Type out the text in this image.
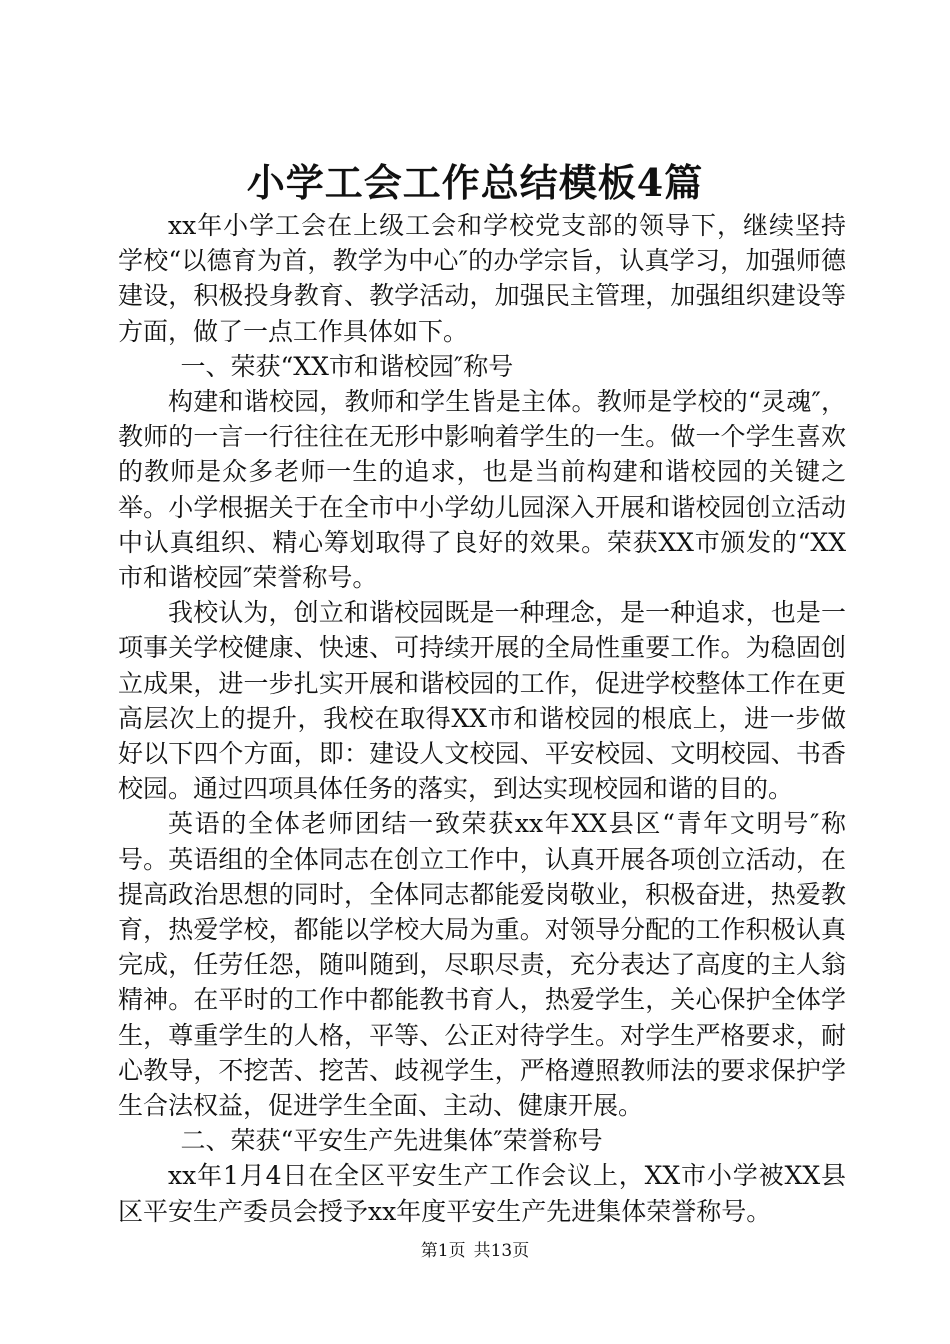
小学工会工作总结模板4篇

xx年小学工会在上级工会和学校党支部的领导下，继续坚持学校“以德育为首，教学为中心″的办学宗旨，认真学习，加强师德建设，积极投身教育、教学活动，加强民主管理，加强组织建设等方面，做了一点工作具体如下。

一、荣获“XX市和谐校园″称号

构建和谐校园，教师和学生皆是主体。教师是学校的“灵魂″，教师的一言一行往往在无形中影响着学生的一生。做一个学生喜欢的教师是众多老师一生的追求，也是当前构建和谐校园的关键之举。小学根据关于在全市中小学幼儿园深入开展和谐校园创立活动中认真组织、精心筹划取得了良好的效果。荣获XX市颁发的“XX市和谐校园″荣誉称号。

我校认为，创立和谐校园既是一种理念，是一种追求，也是一项事关学校健康、快速、可持续开展的全局性重要工作。为稳固创立成果，进一步扎实开展和谐校园的工作，促进学校整体工作在更高层次上的提升，我校在取得XX市和谐校园的根底上，进一步做好以下四个方面，即：建设人文校园、平安校园、文明校园、书香校园。通过四项具体任务的落实，到达实现校园和谐的目的。

英语的全体老师团结一致荣获xx年XX县区“青年文明号″称号。英语组的全体同志在创立工作中，认真开展各项创立活动，在提高政治思想的同时，全体同志都能爱岗敬业，积极奋进，热爱教育，热爱学校，都能以学校大局为重。对领导分配的工作积极认真完成，任劳任怨，随叫随到，尽职尽责，充分表达了高度的主人翁精神。在平时的工作中都能教书育人，热爱学生，关心保护全体学生，尊重学生的人格，平等、公正对待学生。对学生严格要求，耐心教导，不挖苦、挖苦、歧视学生，严格遵照教师法的要求保护学生合法权益，促进学生全面、主动、健康开展。

二、荣获“平安生产先进集体″荣誉称号

xx年1月4日在全区平安生产工作会议上，XX市小学被XX县区平安生产委员会授予xx年度平安生产先进集体荣誉称号。

第1页 共13页
